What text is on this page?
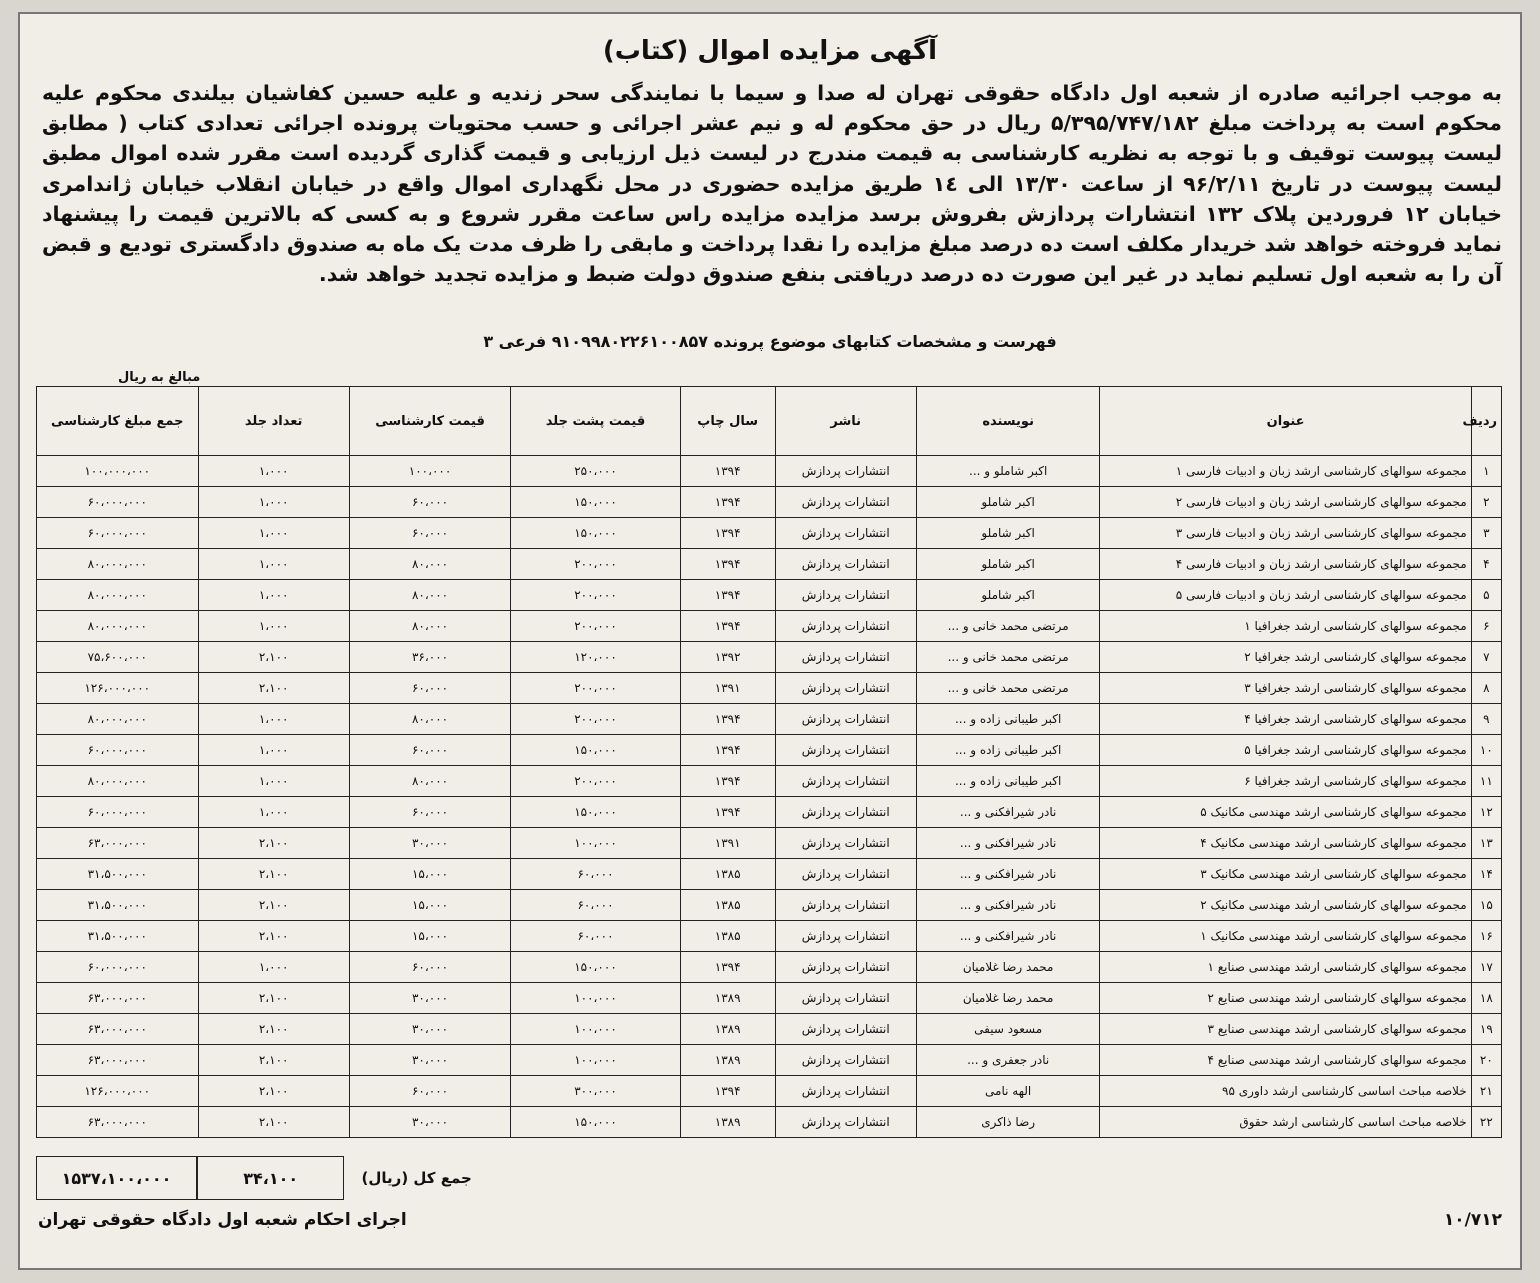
آگهی مزایده اموال (کتاب)
به موجب اجرائیه صادره از شعبه اول دادگاه حقوقی تهران له صدا و سیما با نمایندگی سحر زندیه و علیه حسین کفاشیان بیلندی محکوم علیه محکوم است به پرداخت مبلغ ۵/۳۹۵/۷۴۷/۱۸۲ ریال در حق محکوم له و نیم عشر اجرائی و حسب محتویات پرونده اجرائی تعدادی کتاب ( مطابق لیست پیوست توقیف و با توجه به نظریه کارشناسی به قیمت مندرج در لیست ذیل ارزیابی و قیمت گذاری گردیده است مقرر شده اموال مطبق لیست پیوست در تاریخ ۹۶/۲/۱۱ از ساعت ۱۳/۳۰ الی ۱٤ طریق مزایده حضوری در محل نگهداری اموال واقع در خیابان انقلاب خیابان ژاندامری خیابان ۱۲ فروردین پلاک ۱۳۲ انتشارات پردازش بفروش برسد مزایده مزایده راس ساعت مقرر شروع و به کسی که بالاترین قیمت را پیشنهاد نماید فروخته خواهد شد خریدار مکلف است ده درصد مبلغ مزایده را نقدا پرداخت و مابقی را ظرف مدت یک ماه به صندوق دادگستری تودیع و قبض آن را به شعبه اول تسلیم نماید در غیر این صورت ده درصد دریافتی بنفع صندوق دولت ضبط و مزایده تجدید خواهد شد.
فهرست و مشخصات کتابهای موضوع پرونده ۹۱۰۹۹۸۰۲۲۶۱۰۰۸۵۷ فرعی ۳
مبالغ به ریال
ردیف	عنوان	نویسنده	ناشر	سال چاپ	قیمت پشت جلد	قیمت کارشناسی	تعداد جلد	جمع مبلغ کارشناسی
۱	مجموعه سوالهای کارشناسی ارشد زبان و ادبیات فارسی ۱	اکبر شاملو و ...	انتشارات پردازش	۱۳۹۴	۲۵۰،۰۰۰	۱۰۰،۰۰۰	۱،۰۰۰	۱۰۰،۰۰۰،۰۰۰
۲	مجموعه سوالهای کارشناسی ارشد زبان و ادبیات فارسی ۲	اکبر شاملو	انتشارات پردازش	۱۳۹۴	۱۵۰،۰۰۰	۶۰،۰۰۰	۱،۰۰۰	۶۰،۰۰۰،۰۰۰
۳	مجموعه سوالهای کارشناسی ارشد زبان و ادبیات فارسی ۳	اکبر شاملو	انتشارات پردازش	۱۳۹۴	۱۵۰،۰۰۰	۶۰،۰۰۰	۱،۰۰۰	۶۰،۰۰۰،۰۰۰
۴	مجموعه سوالهای کارشناسی ارشد زبان و ادبیات فارسی ۴	اکبر شاملو	انتشارات پردازش	۱۳۹۴	۲۰۰،۰۰۰	۸۰،۰۰۰	۱،۰۰۰	۸۰،۰۰۰،۰۰۰
۵	مجموعه سوالهای کارشناسی ارشد زبان و ادبیات فارسی ۵	اکبر شاملو	انتشارات پردازش	۱۳۹۴	۲۰۰،۰۰۰	۸۰،۰۰۰	۱،۰۰۰	۸۰،۰۰۰،۰۰۰
۶	مجموعه سوالهای کارشناسی ارشد جغرافیا ۱	مرتضی محمد خانی و ...	انتشارات پردازش	۱۳۹۴	۲۰۰،۰۰۰	۸۰،۰۰۰	۱،۰۰۰	۸۰،۰۰۰،۰۰۰
۷	مجموعه سوالهای کارشناسی ارشد جغرافیا ۲	مرتضی محمد خانی و ...	انتشارات پردازش	۱۳۹۲	۱۲۰،۰۰۰	۳۶،۰۰۰	۲،۱۰۰	۷۵،۶۰۰،۰۰۰
۸	مجموعه سوالهای کارشناسی ارشد جغرافیا ۳	مرتضی محمد خانی و ...	انتشارات پردازش	۱۳۹۱	۲۰۰،۰۰۰	۶۰،۰۰۰	۲،۱۰۰	۱۲۶،۰۰۰،۰۰۰
۹	مجموعه سوالهای کارشناسی ارشد جغرافیا ۴	اکبر طیبانی زاده و ...	انتشارات پردازش	۱۳۹۴	۲۰۰،۰۰۰	۸۰،۰۰۰	۱،۰۰۰	۸۰،۰۰۰،۰۰۰
۱۰	مجموعه سوالهای کارشناسی ارشد جغرافیا ۵	اکبر طیبانی زاده و ...	انتشارات پردازش	۱۳۹۴	۱۵۰،۰۰۰	۶۰،۰۰۰	۱،۰۰۰	۶۰،۰۰۰،۰۰۰
۱۱	مجموعه سوالهای کارشناسی ارشد جغرافیا ۶	اکبر طیبانی زاده و ...	انتشارات پردازش	۱۳۹۴	۲۰۰،۰۰۰	۸۰،۰۰۰	۱،۰۰۰	۸۰،۰۰۰،۰۰۰
۱۲	مجموعه سوالهای کارشناسی ارشد مهندسی مکانیک ۵	نادر شیرافکنی و ...	انتشارات پردازش	۱۳۹۴	۱۵۰،۰۰۰	۶۰،۰۰۰	۱،۰۰۰	۶۰،۰۰۰،۰۰۰
۱۳	مجموعه سوالهای کارشناسی ارشد مهندسی مکانیک ۴	نادر شیرافکنی و ...	انتشارات پردازش	۱۳۹۱	۱۰۰،۰۰۰	۳۰،۰۰۰	۲،۱۰۰	۶۳،۰۰۰،۰۰۰
۱۴	مجموعه سوالهای کارشناسی ارشد مهندسی مکانیک ۳	نادر شیرافکنی و ...	انتشارات پردازش	۱۳۸۵	۶۰،۰۰۰	۱۵،۰۰۰	۲،۱۰۰	۳۱،۵۰۰،۰۰۰
۱۵	مجموعه سوالهای کارشناسی ارشد مهندسی مکانیک ۲	نادر شیرافکنی و ...	انتشارات پردازش	۱۳۸۵	۶۰،۰۰۰	۱۵،۰۰۰	۲،۱۰۰	۳۱،۵۰۰،۰۰۰
۱۶	مجموعه سوالهای کارشناسی ارشد مهندسی مکانیک ۱	نادر شیرافکنی و ...	انتشارات پردازش	۱۳۸۵	۶۰،۰۰۰	۱۵،۰۰۰	۲،۱۰۰	۳۱،۵۰۰،۰۰۰
۱۷	مجموعه سوالهای کارشناسی ارشد مهندسی صنایع ۱	محمد رضا غلامیان	انتشارات پردازش	۱۳۹۴	۱۵۰،۰۰۰	۶۰،۰۰۰	۱،۰۰۰	۶۰،۰۰۰،۰۰۰
۱۸	مجموعه سوالهای کارشناسی ارشد مهندسی صنایع ۲	محمد رضا غلامیان	انتشارات پردازش	۱۳۸۹	۱۰۰،۰۰۰	۳۰،۰۰۰	۲،۱۰۰	۶۳،۰۰۰،۰۰۰
۱۹	مجموعه سوالهای کارشناسی ارشد مهندسی صنایع ۳	مسعود سیفی	انتشارات پردازش	۱۳۸۹	۱۰۰،۰۰۰	۳۰،۰۰۰	۲،۱۰۰	۶۳،۰۰۰،۰۰۰
۲۰	مجموعه سوالهای کارشناسی ارشد مهندسی صنایع ۴	نادر جعفری و ...	انتشارات پردازش	۱۳۸۹	۱۰۰،۰۰۰	۳۰،۰۰۰	۲،۱۰۰	۶۳،۰۰۰،۰۰۰
۲۱	خلاصه مباحث اساسی کارشناسی ارشد داوری ۹۵	الهه نامی	انتشارات پردازش	۱۳۹۴	۳۰۰،۰۰۰	۶۰،۰۰۰	۲،۱۰۰	۱۲۶،۰۰۰،۰۰۰
۲۲	خلاصه مباحث اساسی کارشناسی ارشد حقوق	رضا ذاکری	انتشارات پردازش	۱۳۸۹	۱۵۰،۰۰۰	۳۰،۰۰۰	۲،۱۰۰	۶۳،۰۰۰،۰۰۰
۱۵۳۷،۱۰۰،۰۰۰	۳۴،۱۰۰	جمع کل (ریال)
اجرای احکام شعبه اول دادگاه حقوقی تهران	۱۰/۷۱۲
